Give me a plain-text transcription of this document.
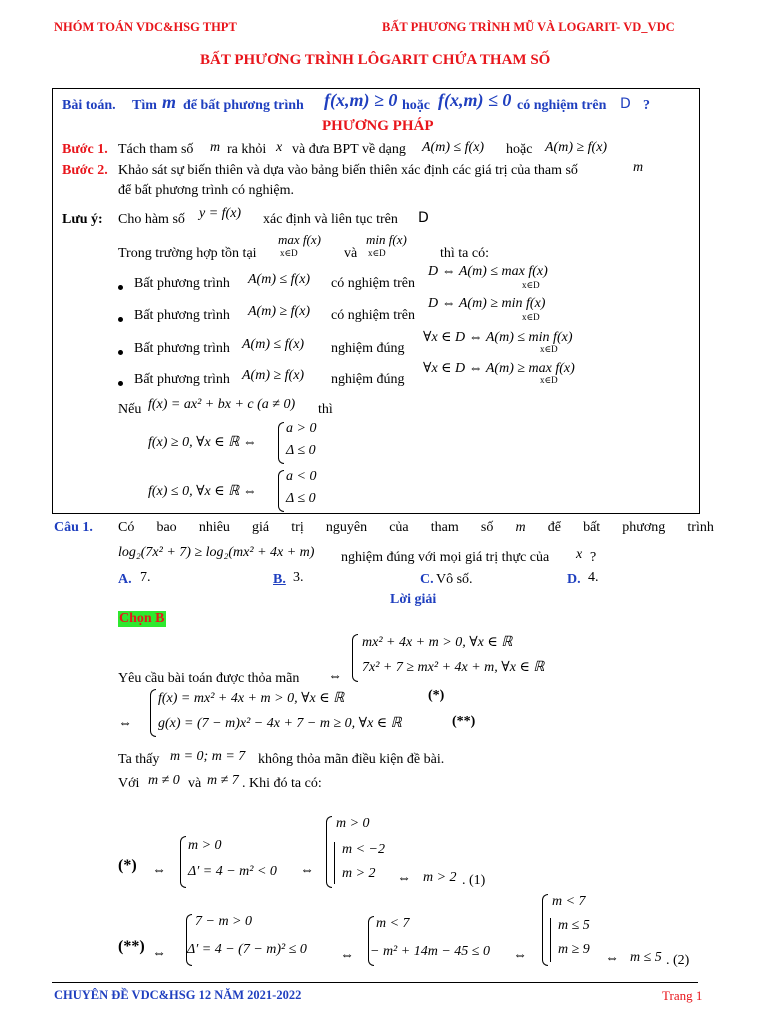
NHÓM TOÁN VDC&HSG THPT	BẤT PHƯƠNG TRÌNH MŨ VÀ LOGARIT- VD_VDC
BẤT PHƯƠNG TRÌNH LÔGARIT CHỨA THAM SỐ
Bài toán. Tìm m để bất phương trình f(x,m) ≥ 0 hoặc f(x,m) ≤ 0 có nghiệm trên D ?
PHƯƠNG PHÁP
Bước 1. Tách tham số m ra khỏi x và đưa BPT về dạng A(m) ≤ f(x) hoặc A(m) ≥ f(x)
Bước 2. Khảo sát sự biến thiên và dựa vào bảng biến thiên xác định các giá trị của tham số	m
để bất phương trình có nghiệm.
Lưu ý: Cho hàm số y = f(x) xác định và liên tục trên D
Trong trường hợp tồn tại
max f(x)
x∈D	và
min f(x)
x∈D	thì ta có:
Bất phương trình A(m) ≤ f(x) có nghiệm trên
D ⇔ A(m) ≤ max f(x)
x∈D
Bất phương trình A(m) ≥ f(x) có nghiệm trên
D ⇔ A(m) ≥ min f(x)
x∈D
Bất phương trình A(m) ≤ f(x) nghiệm đúng
∀x ∈ D ⇔ A(m) ≤ min f(x)
x∈D
Bất phương trình A(m) ≥ f(x) nghiệm đúng
∀x ∈ D ⇔ A(m) ≥ max f(x)
x∈D
Nếu f(x) = ax² + bx + c (a ≠ 0) thì
f(x) ≥ 0, ∀x ∈ ℝ ⇔
a > 0
Δ ≤ 0
f(x) ≤ 0, ∀x ∈ ℝ ⇔
a < 0
Δ ≤ 0
Câu 1. Có bao nhiêu giá trị nguyên của tham số m để bất phương trình
log₂(7x² + 7) ≥ log₂(mx² + 4x + m) nghiệm đúng với mọi giá trị thực của x ?
A. 7.	B. 3.	C. Vô số.	D. 4.
Lời giải
Chọn B
Yêu cầu bài toán được thỏa mãn ⇔
mx² + 4x + m > 0, ∀x ∈ ℝ
7x² + 7 ≥ mx² + 4x + m, ∀x ∈ ℝ
⇔
f(x) = mx² + 4x + m > 0, ∀x ∈ ℝ	(*)
g(x) = (7 − m)x² − 4x + 7 − m ≥ 0, ∀x ∈ ℝ	(**)
Ta thấy m = 0; m = 7 không thỏa mãn điều kiện đề bài.
Với m ≠ 0 và m ≠ 7 . Khi đó ta có:
(*) ⇔
m > 0
Δ′ = 4 − m² < 0 ⇔
m > 0
m < −2
m > 2 ⇔ m > 2 . (1)
(**) ⇔
7 − m > 0
Δ′ = 4 − (7 − m)² ≤ 0 ⇔
m < 7
− m² + 14m − 45 ≤ 0 ⇔
m < 7
m ≤ 5
m ≥ 9
⇔ m ≤ 5 . (2)
CHUYÊN ĐỀ VDC&HSG 12 NĂM 2021-2022	Trang 1
